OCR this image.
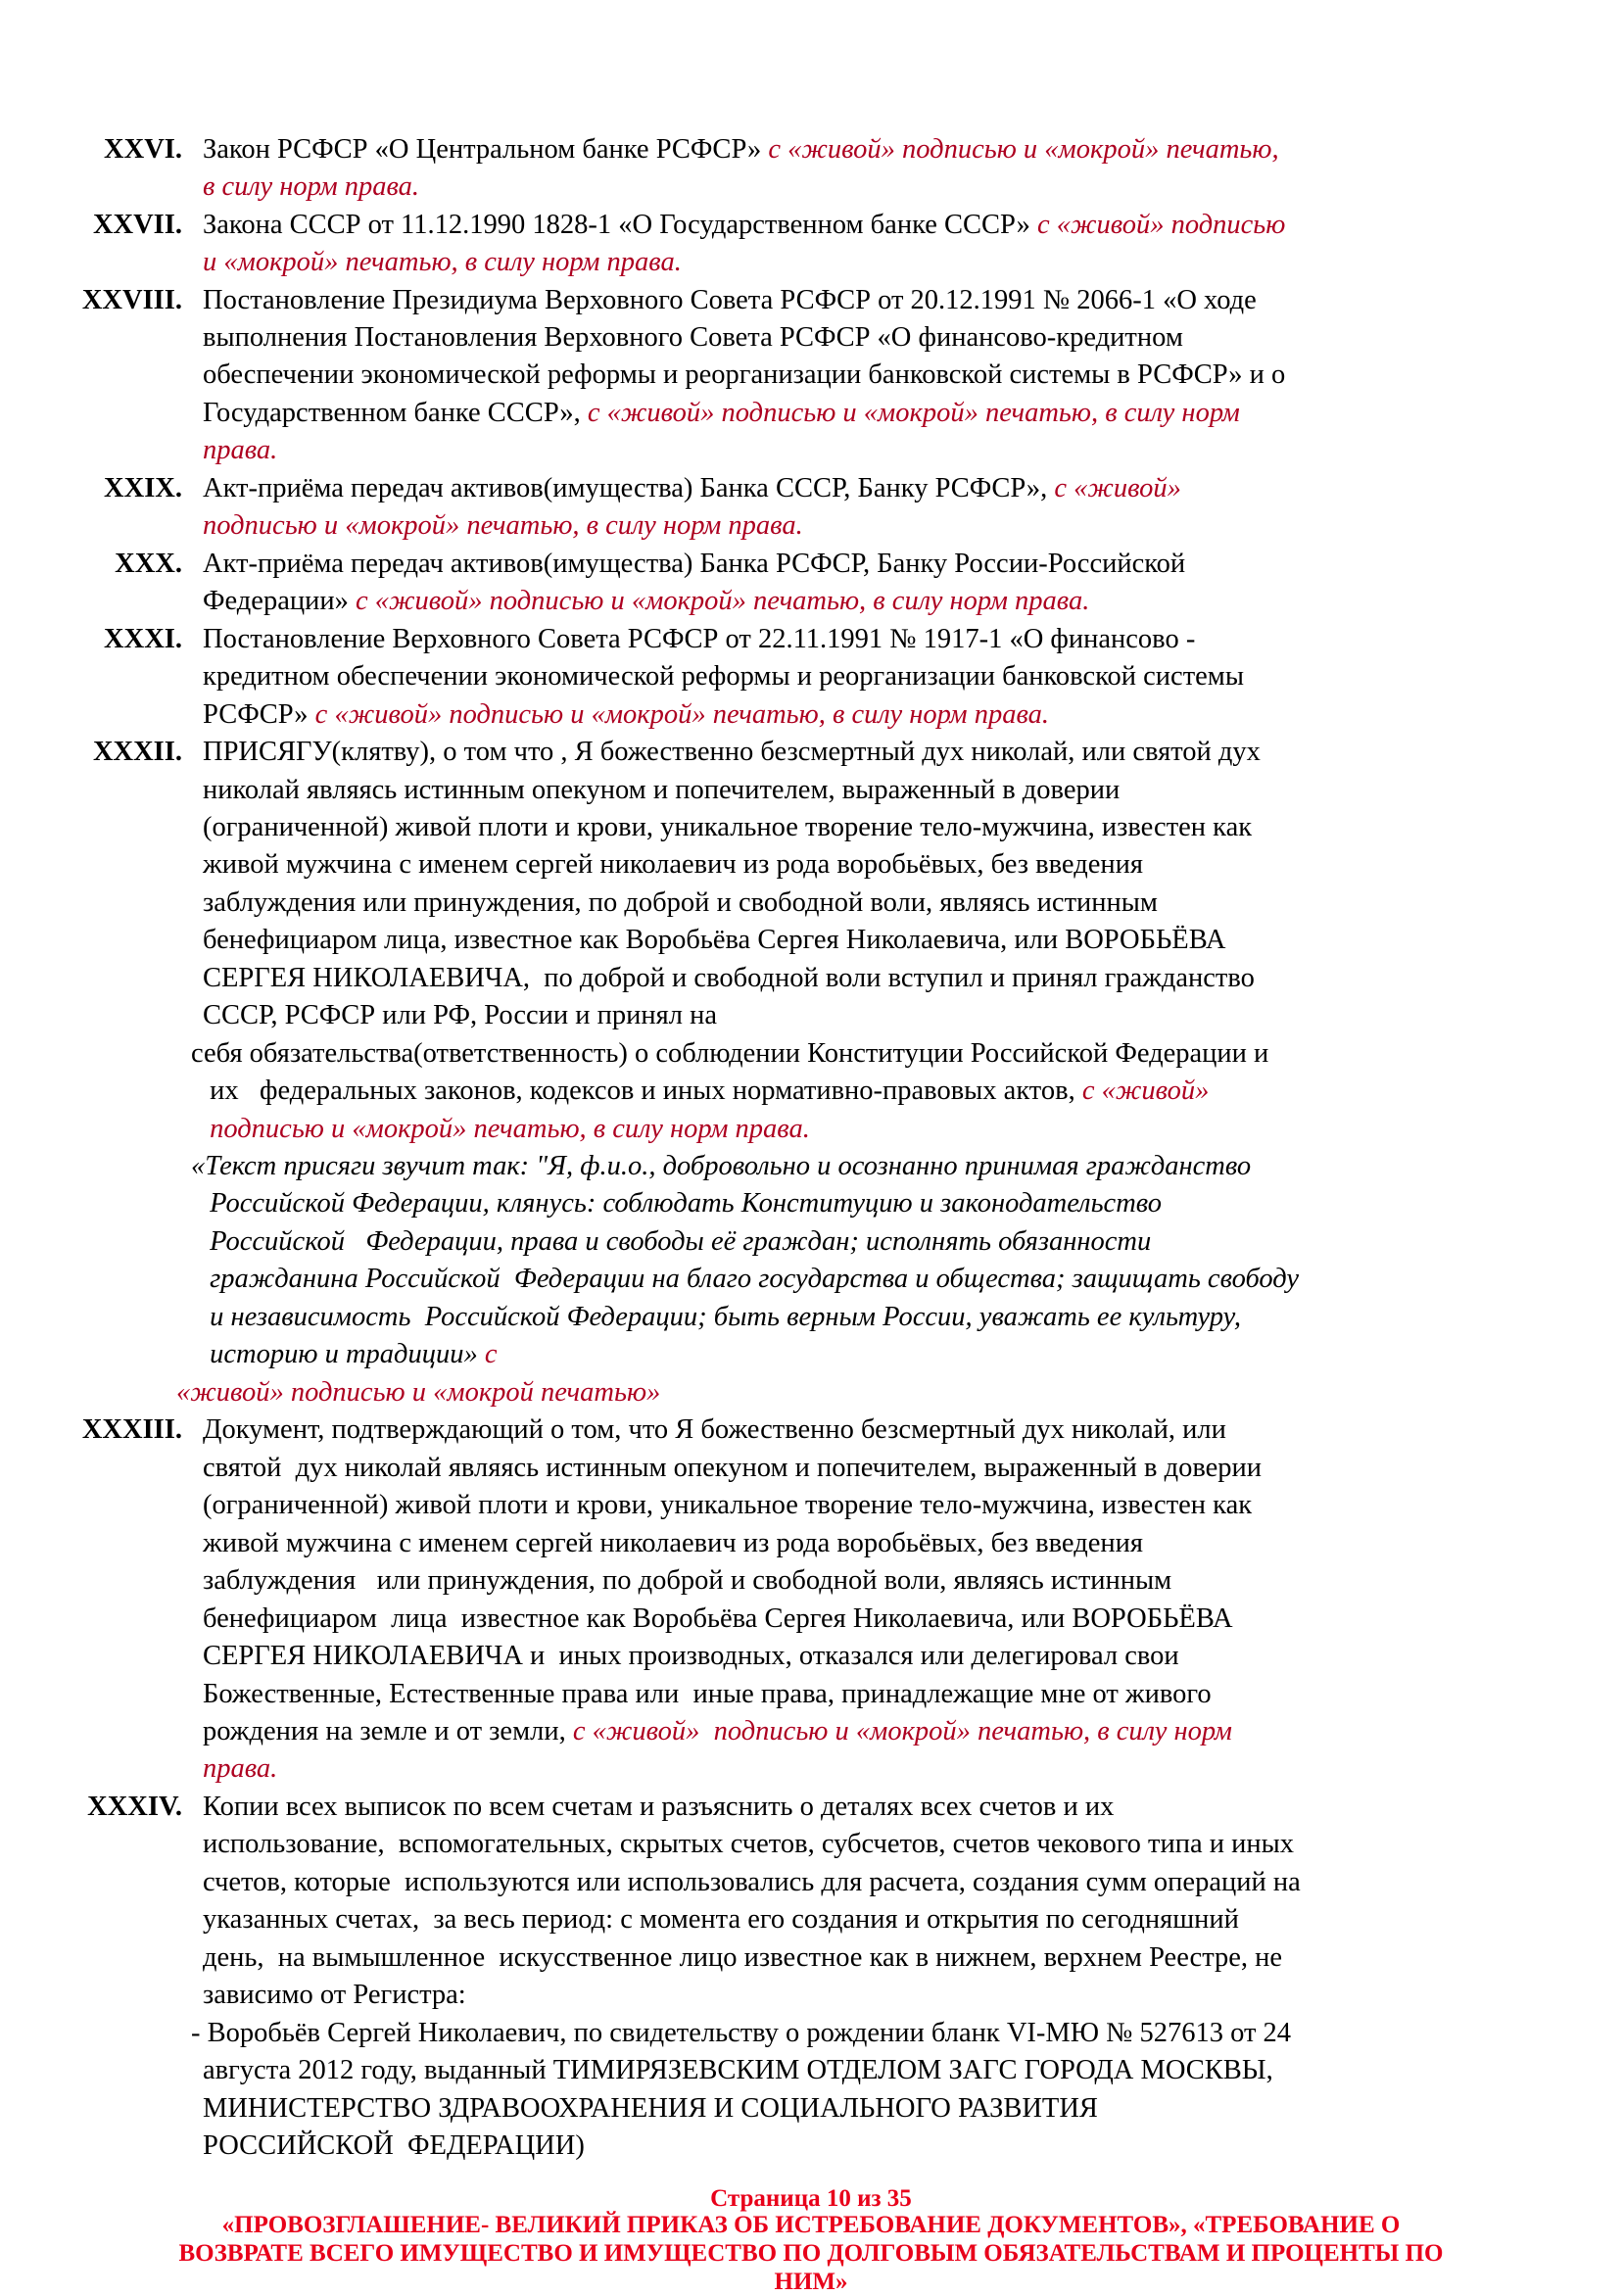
XXVI. Закон РСФСР «О Центральном банке РСФСР» с «живой» подписью и «мокрой» печатью,
в силу норм права.
XXVII. Закона СССР от 11.12.1990 1828-1 «О Государственном банке СССР» с «живой» подписью
и «мокрой» печатью, в силу норм права.
XXVIII. Постановление Президиума Верховного Совета РСФСР от 20.12.1991 № 2066-1 «О ходе
выполнения Постановления Верховного Совета РСФСР «О финансово-кредитном
обеспечении экономической реформы и реорганизации банковской системы в РСФСР» и о
Государственном банке СССР», с «живой» подписью и «мокрой» печатью, в силу норм
права.
XXIX. Акт-приёма передач активов(имущества) Банка СССР, Банку РСФСР», с «живой»
подписью и «мокрой» печатью, в силу норм права.
XXX. Акт-приёма передач активов(имущества) Банка РСФСР, Банку России-Российской
Федерации» с «живой» подписью и «мокрой» печатью, в силу норм права.
XXXI. Постановление Верховного Совета РСФСР от 22.11.1991 № 1917-1 «О финансово -
кредитном обеспечении экономической реформы и реорганизации банковской системы
РСФСР» с «живой» подписью и «мокрой» печатью, в силу норм права.
XXXII. ПРИСЯГУ(клятву), о том что , Я божественно безсмертный дух николай, или святой дух
николай являясь истинным опекуном и попечителем, выраженный в доверии
(ограниченной) живой плоти и крови, уникальное творение тело-мужчина, известен как
живой мужчина с именем сергей николаевич из рода воробьёвых, без введения
заблуждения или принуждения, по доброй и свободной воли, являясь истинным
бенефициаром лица, известное как Воробьёва Сергея Николаевича, или ВОРОБЬЁВА
СЕРГЕЯ НИКОЛАЕВИЧА,  по доброй и свободной воли вступил и принял гражданство
СССР, РСФСР или РФ, России и принял на
себя обязательства(ответственность) о соблюдении Конституции Российской Федерации и
их   федеральных законов, кодексов и иных нормативно-правовых актов, с «живой»
подписью и «мокрой» печатью, в силу норм права.
«Текст присяги звучит так: "Я, ф.и.о., добровольно и осознанно принимая гражданство
Российской Федерации, клянусь: соблюдать Конституцию и законодательство
Российской   Федерации, права и свободы её граждан; исполнять обязанности
гражданина Российской  Федерации на благо государства и общества; защищать свободу
и независимость  Российской Федерации; быть верным России, уважать ее культуру,
историю и традиции» с
«живой» подписью и «мокрой печатью»
XXXIII. Документ, подтверждающий о том, что Я божественно безсмертный дух николай, или
святой  дух николай являясь истинным опекуном и попечителем, выраженный в доверии
(ограниченной) живой плоти и крови, уникальное творение тело-мужчина, известен как
живой мужчина с именем сергей николаевич из рода воробьёвых, без введения
заблуждения   или принуждения, по доброй и свободной воли, являясь истинным
бенефициаром  лица  известное как Воробьёва Сергея Николаевича, или ВОРОБЬЁВА
СЕРГЕЯ НИКОЛАЕВИЧА и  иных производных, отказался или делегировал свои
Божественные, Естественные права или  иные права, принадлежащие мне от живого
рождения на земле и от земли, с «живой»  подписью и «мокрой» печатью, в силу норм
права.
XXXIV. Копии всех выписок по всем счетам и разъяснить о деталях всех счетов и их
использование,  вспомогательных, скрытых счетов, субсчетов, счетов чекового типа и иных
счетов, которые  используются или использовались для расчета, создания сумм операций на
указанных счетах,  за весь период: с момента его создания и открытия по сегодняшний
день,  на вымышленное  искусственное лицо известное как в нижнем, верхнем Реестре, не
зависимо от Регистра:
- Воробьёв Сергей Николаевич, по свидетельству о рождении бланк VI-МЮ № 527613 от 24
августа 2012 году, выданный ТИМИРЯЗЕВСКИМ ОТДЕЛОМ ЗАГС ГОРОДА МОСКВЫ,
МИНИСТЕРСТВО ЗДРАВООХРАНЕНИЯ И СОЦИАЛЬНОГО РАЗВИТИЯ
РОССИЙСКОЙ  ФЕДЕРАЦИИ)
Страница 10 из 35
«ПРОВОЗГЛАШЕНИЕ- ВЕЛИКИЙ ПРИКАЗ ОБ ИСТРЕБОВАНИЕ ДОКУМЕНТОВ», «ТРЕБОВАНИЕ О
ВОЗВРАТЕ ВСЕГО ИМУЩЕСТВО И ИМУЩЕСТВО ПО ДОЛГОВЫМ ОБЯЗАТЕЛЬСТВАМ И ПРОЦЕНТЫ ПО
НИМ»
